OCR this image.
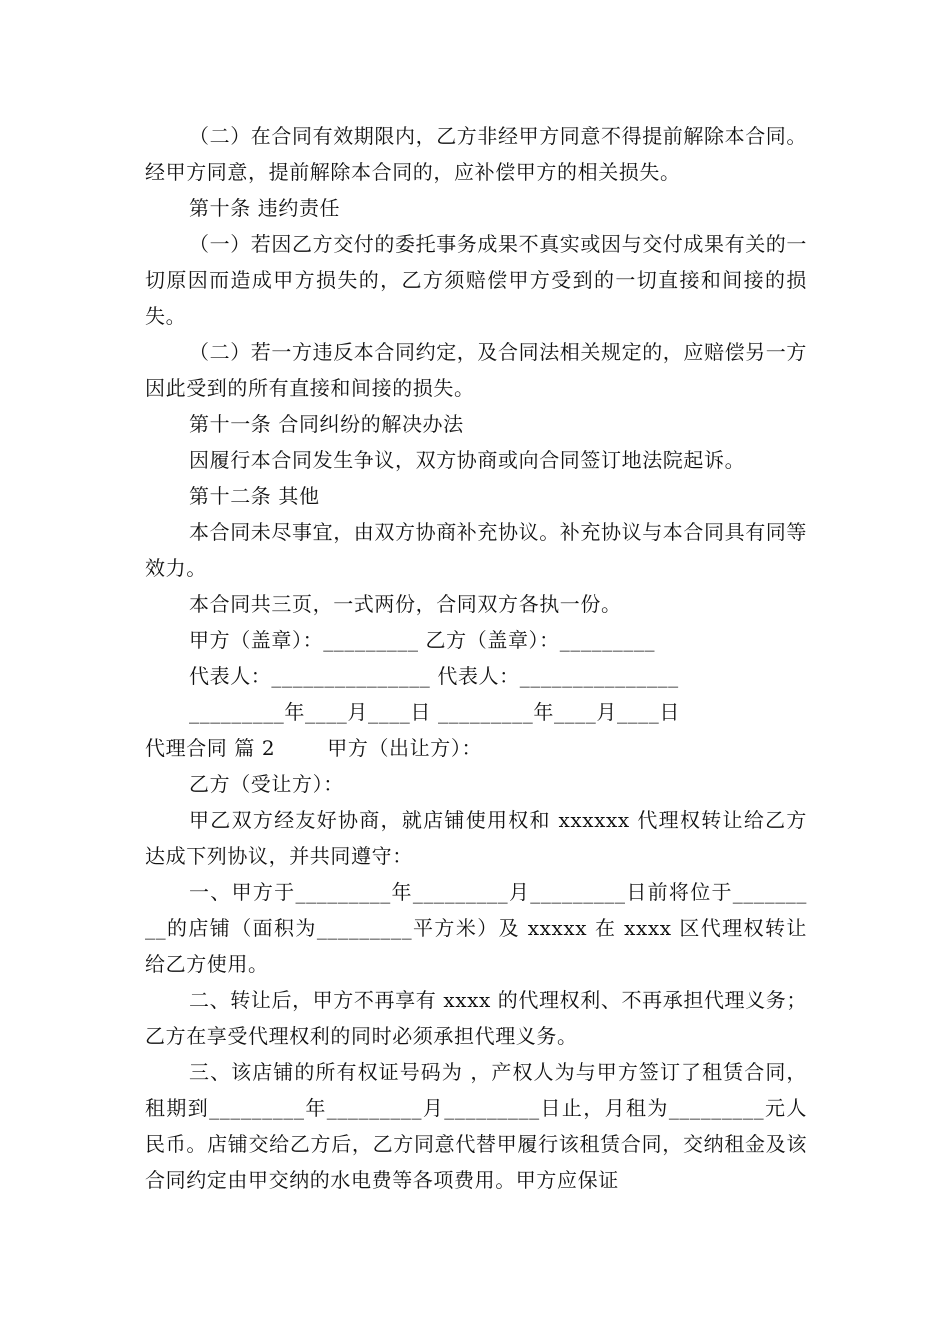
（二）在合同有效期限内，乙方非经甲方同意不得提前解除本合同。经甲方同意，提前解除本合同的，应补偿甲方的相关损失。

第十条 违约责任

（一）若因乙方交付的委托事务成果不真实或因与交付成果有关的一切原因而造成甲方损失的，乙方须赔偿甲方受到的一切直接和间接的损失。

（二）若一方违反本合同约定，及合同法相关规定的，应赔偿另一方因此受到的所有直接和间接的损失。

第十一条 合同纠纷的解决办法

因履行本合同发生争议，双方协商或向合同签订地法院起诉。

第十二条 其他

本合同未尽事宜，由双方协商补充协议。补充协议与本合同具有同等效力。

本合同共三页，一式两份，合同双方各执一份。

甲方（盖章）：_________ 乙方（盖章）：_________

代表人：_______________ 代表人：_______________

_________年____月____日 _________年____月____日

代理合同 篇 2	甲方（出让方）：

乙方（受让方）：

甲乙双方经友好协商，就店铺使用权和 xxxxxx 代理权转让给乙方达成下列协议，并共同遵守：

一、甲方于_________年_________月_________日前将位于_________的店铺（面积为_________平方米）及 xxxxx 在 xxxx 区代理权转让给乙方使用。

二、转让后，甲方不再享有 xxxx 的代理权利、不再承担代理义务；乙方在享受代理权利的同时必须承担代理义务。

三、该店铺的所有权证号码为 ，产权人为与甲方签订了租赁合同，租期到_________年_________月_________日止，月租为_________元人民币。店铺交给乙方后，乙方同意代替甲履行该租赁合同，交纳租金及该合同约定由甲交纳的水电费等各项费用。甲方应保证
